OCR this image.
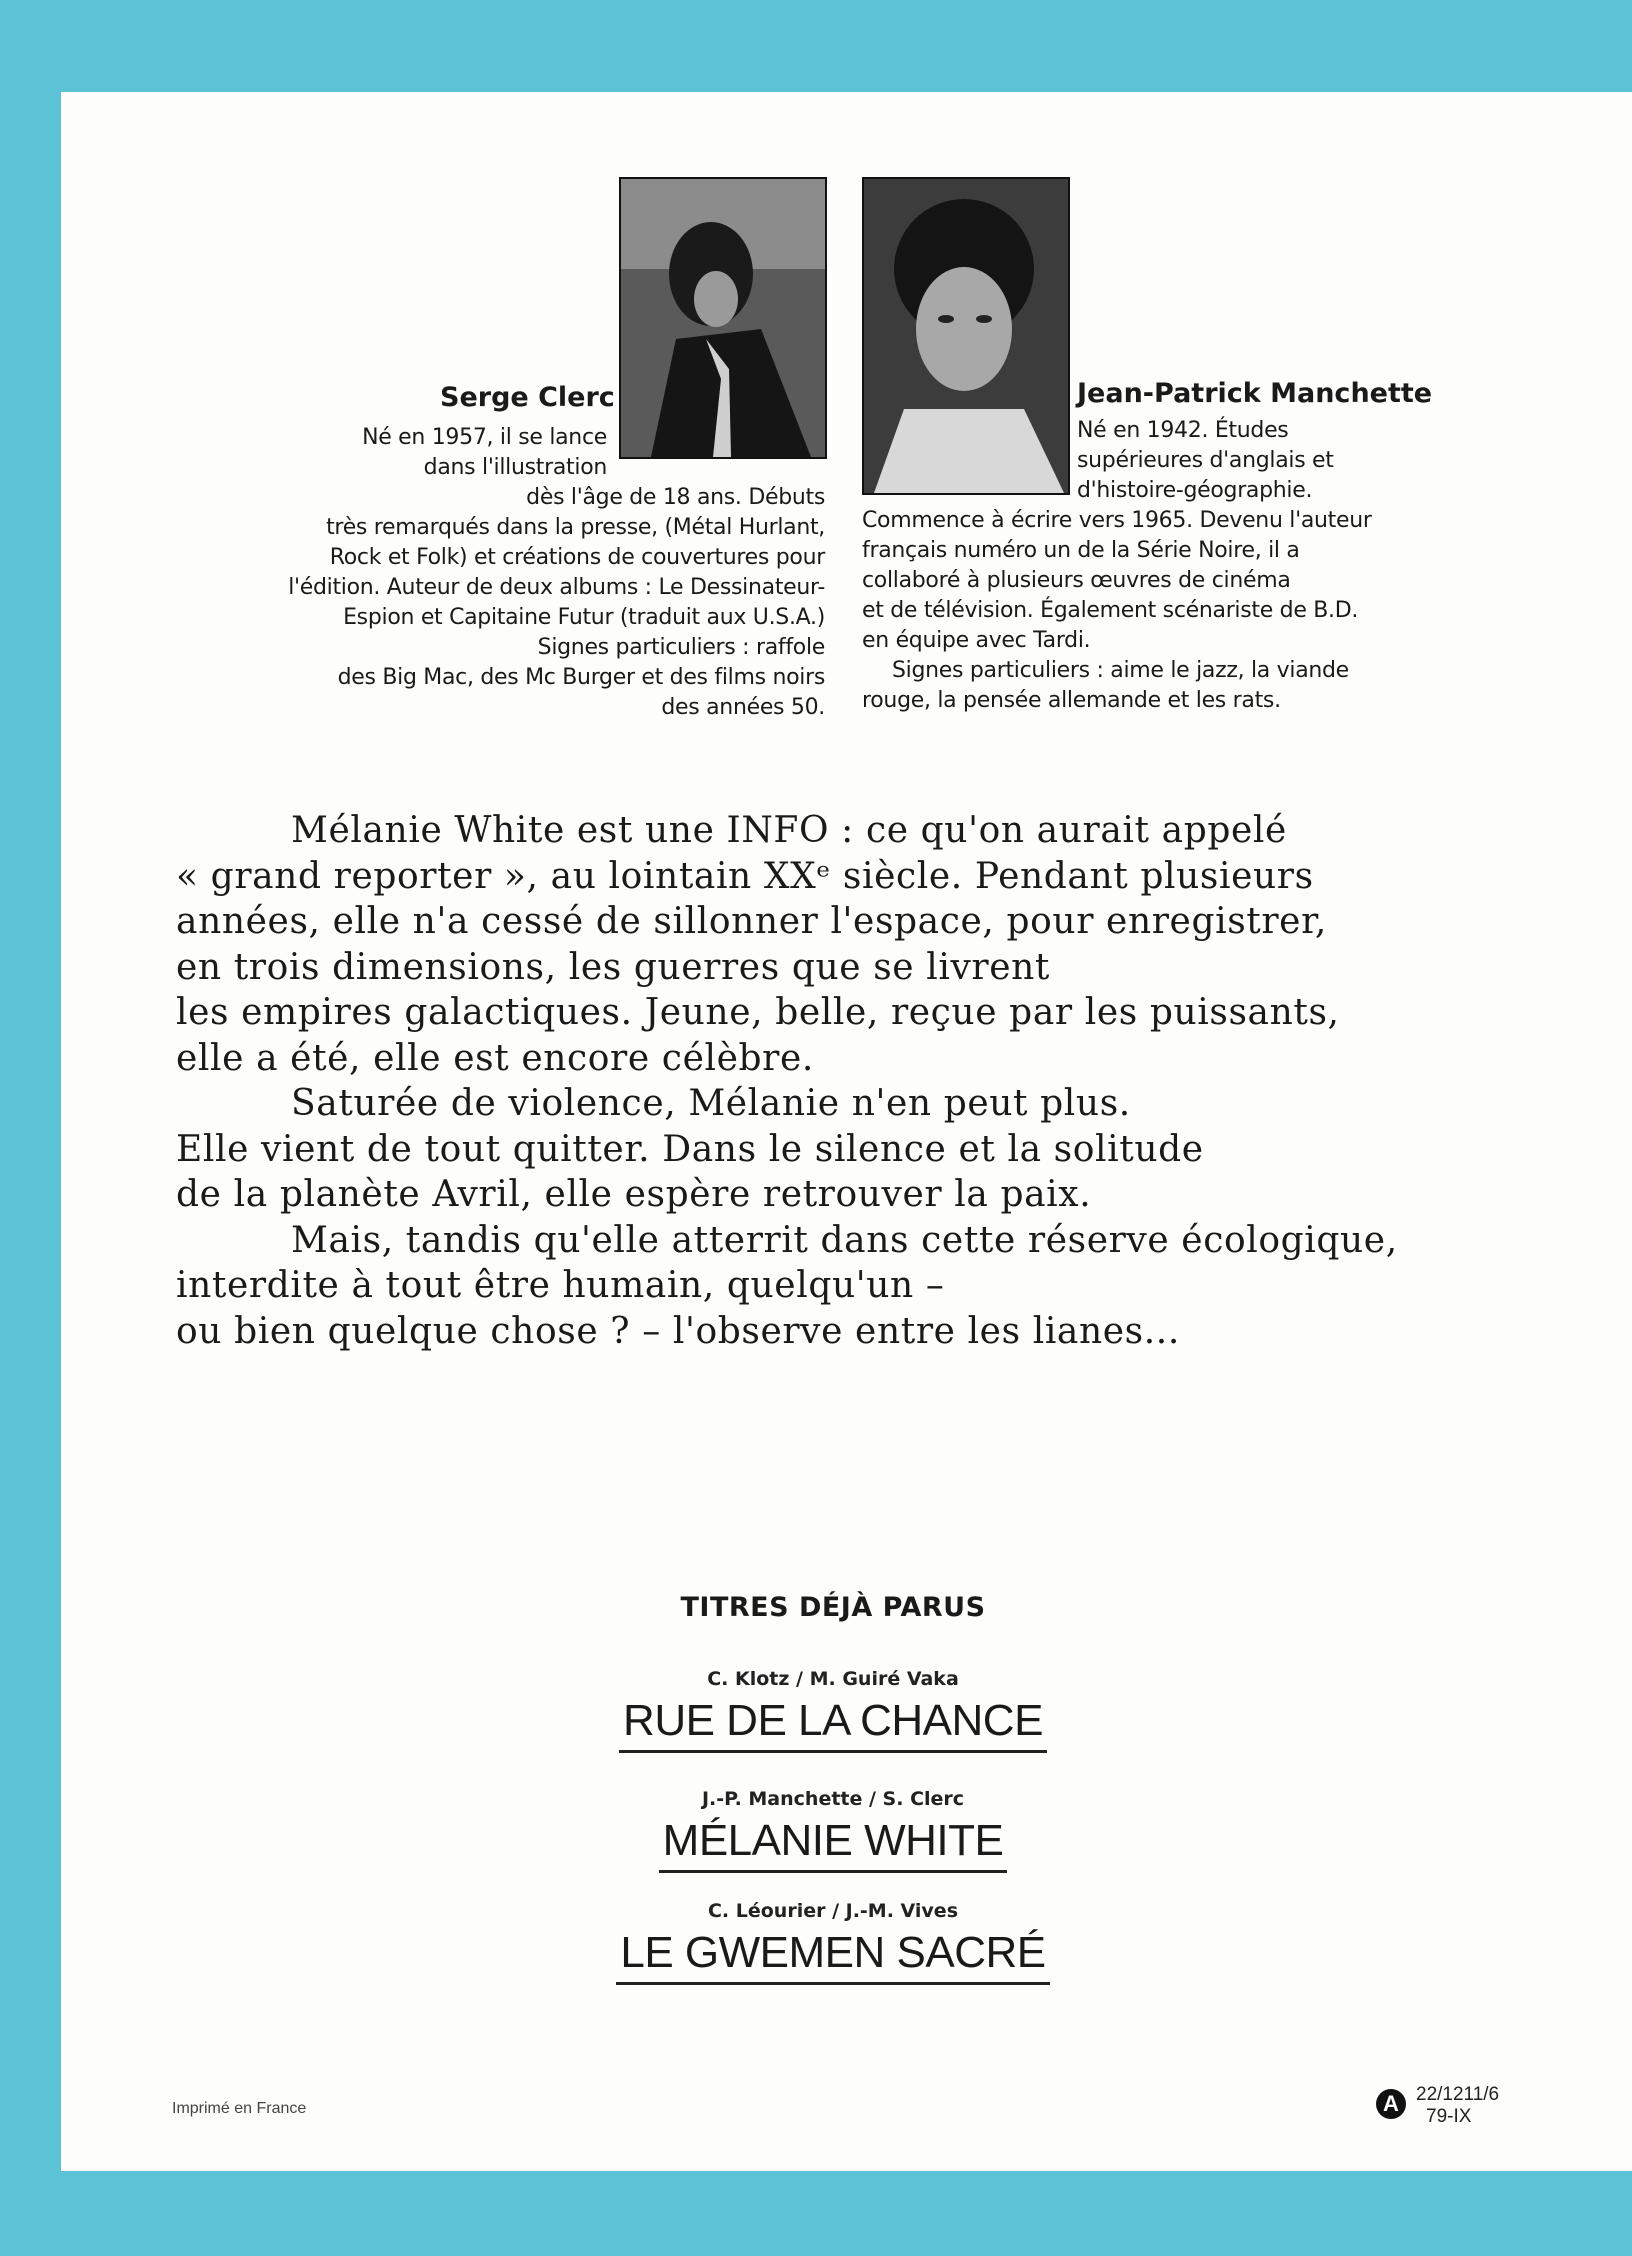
Serge Clerc
Né en 1957, il se lance
dans l'illustration
dès l'âge de 18 ans. Débuts
très remarqués dans la presse, (Métal Hurlant,
Rock et Folk) et créations de couvertures pour
l'édition. Auteur de deux albums : Le Dessinateur-
Espion et Capitaine Futur (traduit aux U.S.A.)
Signes particuliers : raffole
des Big Mac, des Mc Burger et des films noirs
des années 50.
Jean-Patrick Manchette
Né en 1942. Études
supérieures d'anglais et
d'histoire-géographie.
Commence à écrire vers 1965. Devenu l'auteur
français numéro un de la Série Noire, il a
collaboré à plusieurs œuvres de cinéma
et de télévision. Également scénariste de B.D.
en équipe avec Tardi.
Signes particuliers : aime le jazz, la viande
rouge, la pensée allemande et les rats.
Mélanie White est une INFO : ce qu'on aurait appelé
« grand reporter », au lointain XXᵉ siècle. Pendant plusieurs
années, elle n'a cessé de sillonner l'espace, pour enregistrer,
en trois dimensions, les guerres que se livrent
les empires galactiques. Jeune, belle, reçue par les puissants,
elle a été, elle est encore célèbre.
Saturée de violence, Mélanie n'en peut plus.
Elle vient de tout quitter. Dans le silence et la solitude
de la planète Avril, elle espère retrouver la paix.
Mais, tandis qu'elle atterrit dans cette réserve écologique,
interdite à tout être humain, quelqu'un –
ou bien quelque chose ? – l'observe entre les lianes...
TITRES DÉJÀ PARUS
C. Klotz / M. Guiré Vaka
RUE DE LA CHANCE
J.-P. Manchette / S. Clerc
MÉLANIE WHITE
C. Léourier / J.-M. Vives
LE GWEMEN SACRÉ
Imprimé en France	A 22/1211/6
79-IX
